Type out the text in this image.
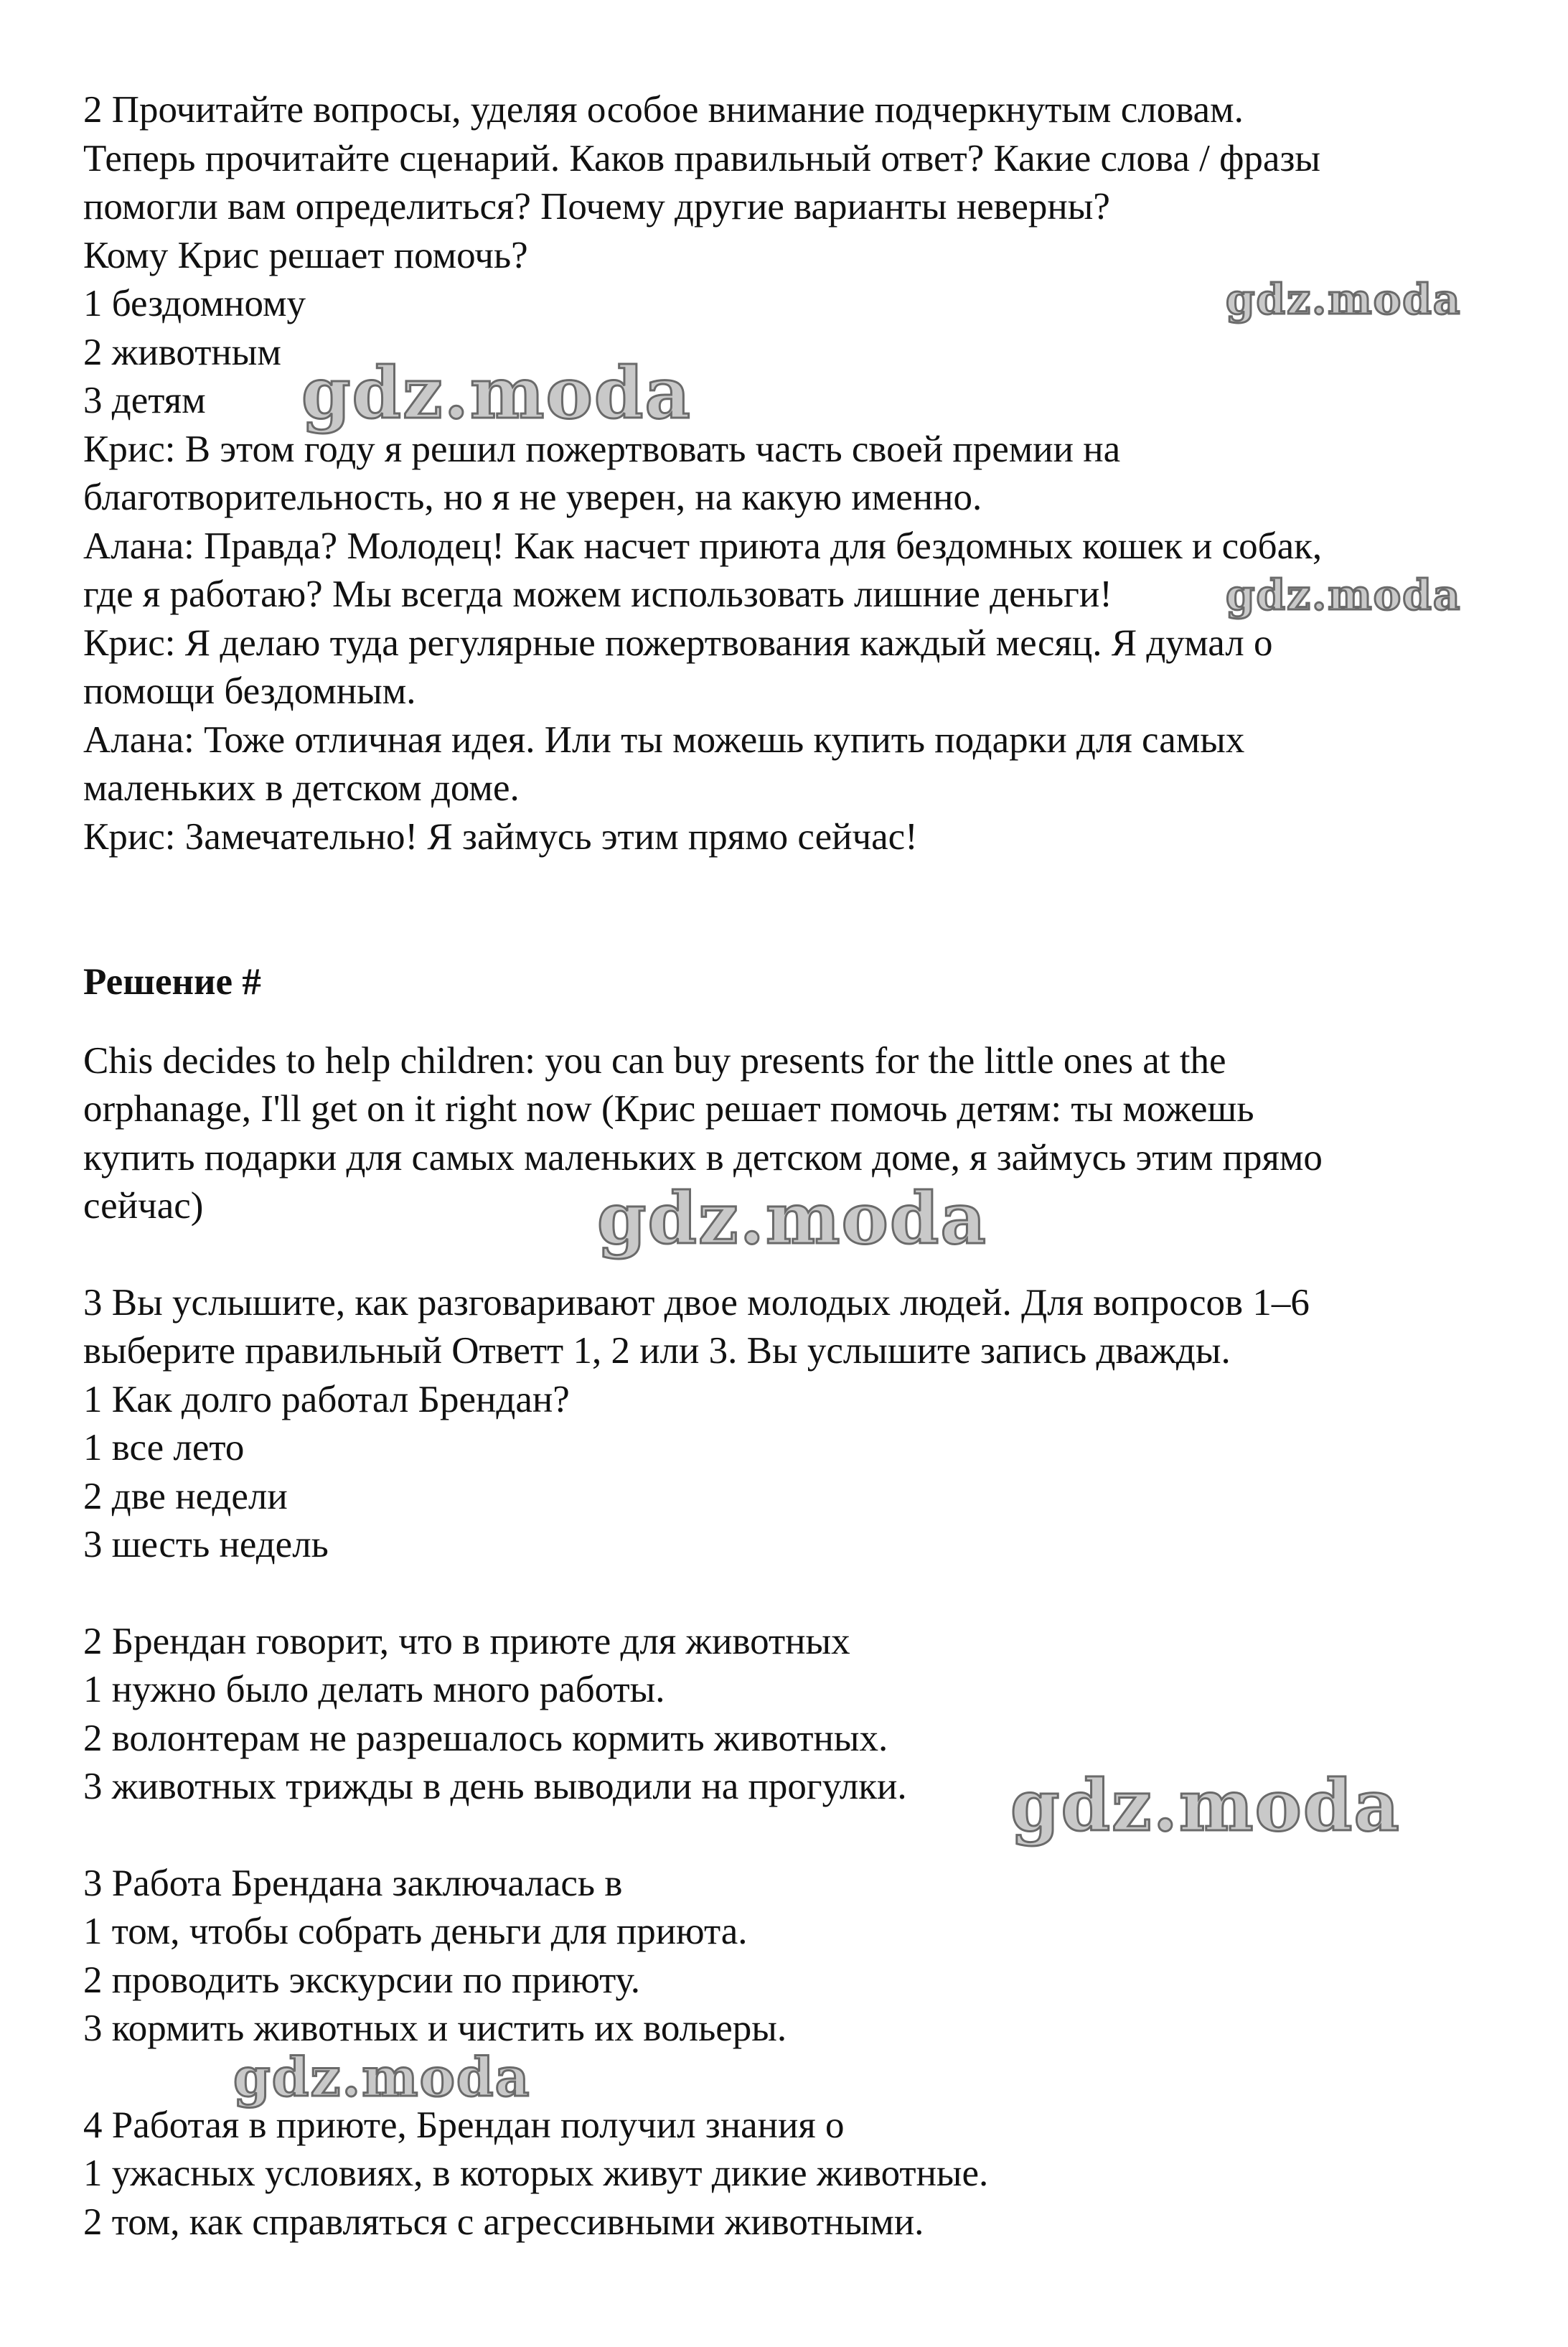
2 Прочитайте вопросы, уделяя особое внимание подчеркнутым словам.
Теперь прочитайте сценарий. Каков правильный ответ? Какие слова / фразы
помогли вам определиться? Почему другие варианты неверны?
Кому Крис решает помочь?
1 бездомному
2 животным
3 детям
Крис: В этом году я решил пожертвовать часть своей премии на
благотворительность, но я не уверен, на какую именно.
Алана: Правда? Молодец! Как насчет приюта для бездомных кошек и собак,
где я работаю? Мы всегда можем использовать лишние деньги!
Крис: Я делаю туда регулярные пожертвования каждый месяц. Я думал о
помощи бездомным.
Алана: Тоже отличная идея. Или ты можешь купить подарки для самых
маленьких в детском доме.
Крис: Замечательно! Я займусь этим прямо сейчас!
Решение #
Chis decides to help children: you can buy presents for the little ones at the
orphanage, I'll get on it right now (Крис решает помочь детям: ты можешь
купить подарки для самых маленьких в детском доме, я займусь этим прямо
сейчас)
3 Вы услышите, как разговаривают двое молодых людей. Для вопросов 1–6
выберите правильный Ответт 1, 2 или 3. Вы услышите запись дважды.
1 Как долго работал Брендан?
1 все лето
2 две недели
3 шесть недель
2 Брендан говорит, что в приюте для животных
1 нужно было делать много работы.
2 волонтерам не разрешалось кормить животных.
3 животных трижды в день выводили на прогулки.
3 Работа Брендана заключалась в
1 том, чтобы собрать деньги для приюта.
2 проводить экскурсии по приюту.
3 кормить животных и чистить их вольеры.
4 Работая в приюте, Брендан получил знания о
1 ужасных условиях, в которых живут дикие животные.
2 том, как справляться с агрессивными животными.
gdz.moda
gdz.moda
gdz.moda
gdz.moda
gdz.moda
gdz.moda
